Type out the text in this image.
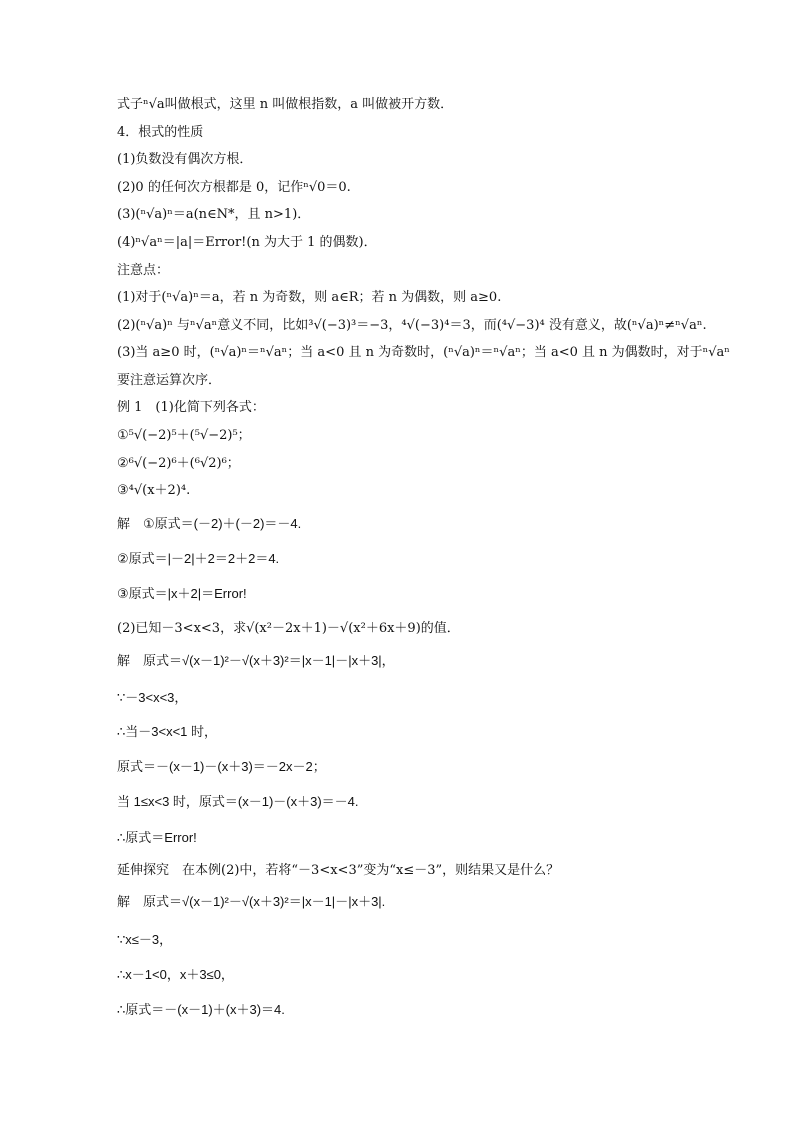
式子ⁿ√a叫做根式，这里 n 叫做根指数，a 叫做被开方数．
4．根式的性质
(1)负数没有偶次方根．
(2)0 的任何次方根都是 0，记作ⁿ√0＝0.
(3)(ⁿ√a)ⁿ＝a(n∈N*，且 n>1)．
(4)ⁿ√aⁿ＝|a|＝Error!(n 为大于 1 的偶数)．
注意点：
(1)对于(ⁿ√a)ⁿ＝a，若 n 为奇数，则 a∈R；若 n 为偶数，则 a≥0.
(2)(ⁿ√a)ⁿ 与ⁿ√aⁿ意义不同，比如³√(−3)³＝−3，⁴√(−3)⁴＝3，而(⁴√−3)⁴ 没有意义，故(ⁿ√a)ⁿ≠ⁿ√aⁿ.
(3)当 a≥0 时，(ⁿ√a)ⁿ＝ⁿ√aⁿ；当 a<0 且 n 为奇数时，(ⁿ√a)ⁿ＝ⁿ√aⁿ；当 a<0 且 n 为偶数时，对于ⁿ√aⁿ
要注意运算次序．
例 1　(1)化简下列各式：
①⁵√(−2)⁵＋(⁵√−2)⁵；
②⁶√(−2)⁶＋(⁶√2)⁶；
③⁴√(x＋2)⁴.
解　①原式＝(－2)＋(－2)＝－4.
②原式＝|－2|＋2＝2＋2＝4.
③原式＝|x＋2|＝Error!
(2)已知－3<x<3，求√(x²－2x＋1)－√(x²＋6x＋9)的值．
解　原式＝√(x－1)²－√(x＋3)²＝|x－1|－|x＋3|，
∵－3<x<3，
∴当－3<x<1 时，
原式＝－(x－1)－(x＋3)＝－2x－2；
当 1≤x<3 时，原式＝(x－1)－(x＋3)＝－4.
∴原式＝Error!
延伸探究　在本例(2)中，若将“－3<x<3”变为“x≤－3”，则结果又是什么？
解　原式＝√(x－1)²－√(x＋3)²＝|x－1|－|x＋3|.
∵x≤－3，
∴x－1<0，x＋3≤0，
∴原式＝－(x－1)＋(x＋3)＝4.
